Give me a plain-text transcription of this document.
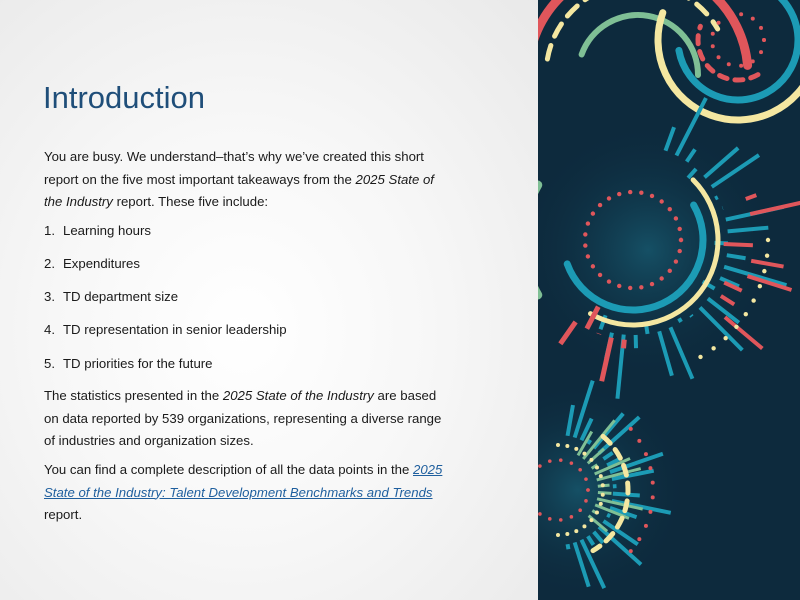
Introduction

You are busy. We understand–that’s why we’ve created this short report on the five most important takeaways from the 2025 State of the Industry report. These five include:

1. Learning hours

2. Expenditures

3. TD department size

4. TD representation in senior leadership

5. TD priorities for the future

The statistics presented in the 2025 State of the Industry are based on data reported by 539 organizations, representing a diverse range of industries and organization sizes.

You can find a complete description of all the data points in the 2025 State of the Industry: Talent Development Benchmarks and Trends report.
